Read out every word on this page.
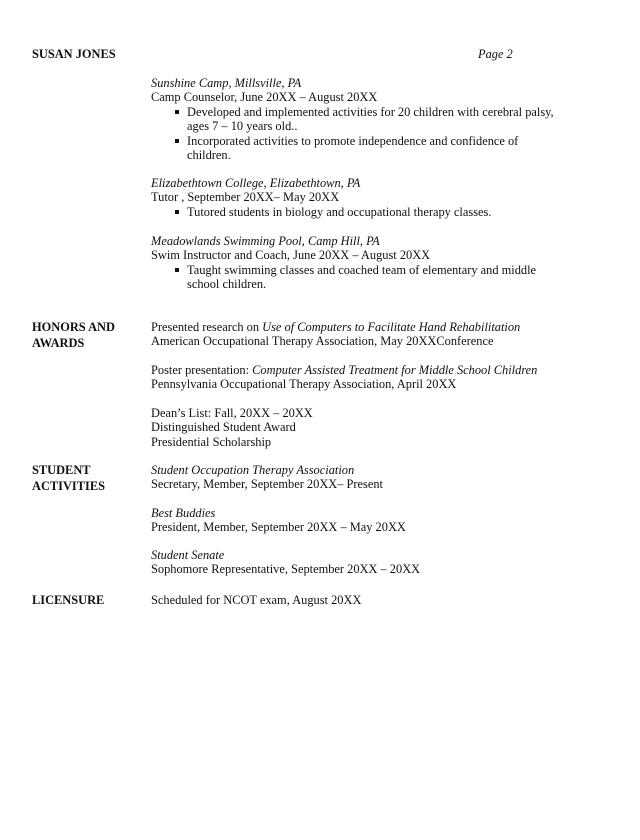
SUSAN JONES	Page 2
Sunshine Camp, Millsville, PA
Camp Counselor, June 20XX – August 20XX
Developed and implemented activities for 20 children with cerebral palsy, ages 7 – 10 years old..
Incorporated activities to promote independence and confidence of children.
Elizabethtown College, Elizabethtown, PA
Tutor , September 20XX– May 20XX
Tutored students in biology and occupational therapy classes.
Meadowlands Swimming Pool, Camp Hill, PA
Swim Instructor and Coach, June 20XX – August 20XX
Taught swimming classes and coached team of elementary and middle school children.
HONORS AND AWARDS
Presented research on Use of Computers to Facilitate Hand Rehabilitation
American Occupational Therapy Association, May 20XXConference
Poster presentation: Computer Assisted Treatment for Middle School Children
Pennsylvania Occupational Therapy Association, April 20XX
Dean’s List: Fall, 20XX – 20XX
Distinguished Student Award
Presidential Scholarship
STUDENT ACTIVITIES
Student Occupation Therapy Association
Secretary, Member, September 20XX– Present
Best Buddies
President, Member, September 20XX – May 20XX
Student Senate
Sophomore Representative, September 20XX – 20XX
LICENSURE	Scheduled for NCOT exam, August 20XX
